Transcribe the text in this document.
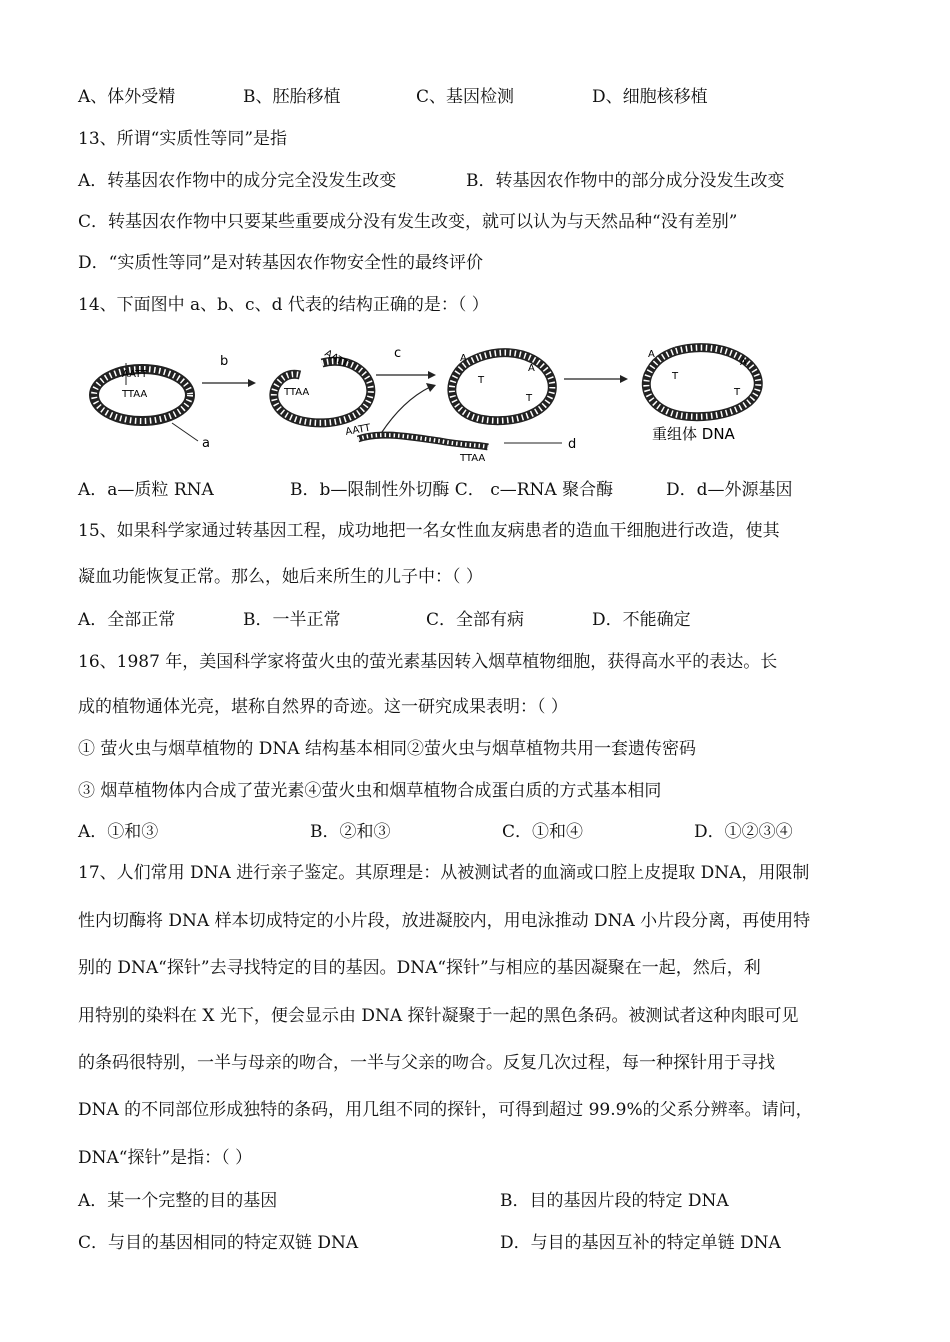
A、体外受精	B、胚胎移植	C、基因检测	D、细胞核移植
13、所谓“实质性等同”是指
A．转基因农作物中的成分完全没发生改变	B．转基因农作物中的部分成分没发生改变
C．转基因农作物中只要某些重要成分没有发生改变，就可以认为与天然品种“没有差别”
D．“实质性等同”是对转基因农作物安全性的最终评价
14、下面图中 a、b、c、d 代表的结构正确的是：（ ）
AATT
TTAA
a
b
TTAA
AATT	c
AATT
TTAA
d
A
T
A
T
A
T
A
T
重组体 DNA
A．a—质粒 RNA	B．b—限制性外切酶 C． c—RNA 聚合酶	D．d—外源基因
15、如果科学家通过转基因工程，成功地把一名女性血友病患者的造血干细胞进行改造，使其
凝血功能恢复正常。那么，她后来所生的儿子中：（ ）
A．全部正常	B．一半正常	C．全部有病	D．不能确定
16、1987 年，美国科学家将萤火虫的萤光素基因转入烟草植物细胞，获得高水平的表达。长
成的植物通体光亮，堪称自然界的奇迹。这一研究成果表明：（ ）
① 萤火虫与烟草植物的 DNA 结构基本相同②萤火虫与烟草植物共用一套遗传密码
③ 烟草植物体内合成了萤光素④萤火虫和烟草植物合成蛋白质的方式基本相同
A．①和③	B．②和③	C．①和④	D．①②③④
17、人们常用 DNA 进行亲子鉴定。其原理是：从被测试者的血滴或口腔上皮提取 DNA，用限制
性内切酶将 DNA 样本切成特定的小片段，放进凝胶内，用电泳推动 DNA 小片段分离，再使用特
别的 DNA“探针”去寻找特定的目的基因。DNA“探针”与相应的基因凝聚在一起，然后，利
用特别的染料在 X 光下，便会显示由 DNA 探针凝聚于一起的黑色条码。被测试者这种肉眼可见
的条码很特别，一半与母亲的吻合，一半与父亲的吻合。反复几次过程，每一种探针用于寻找
DNA 的不同部位形成独特的条码，用几组不同的探针，可得到超过 99.9%的父系分辨率。请问，
DNA“探针”是指：（ ）
A．某一个完整的目的基因	B．目的基因片段的特定 DNA
C．与目的基因相同的特定双链 DNA	D．与目的基因互补的特定单链 DNA
